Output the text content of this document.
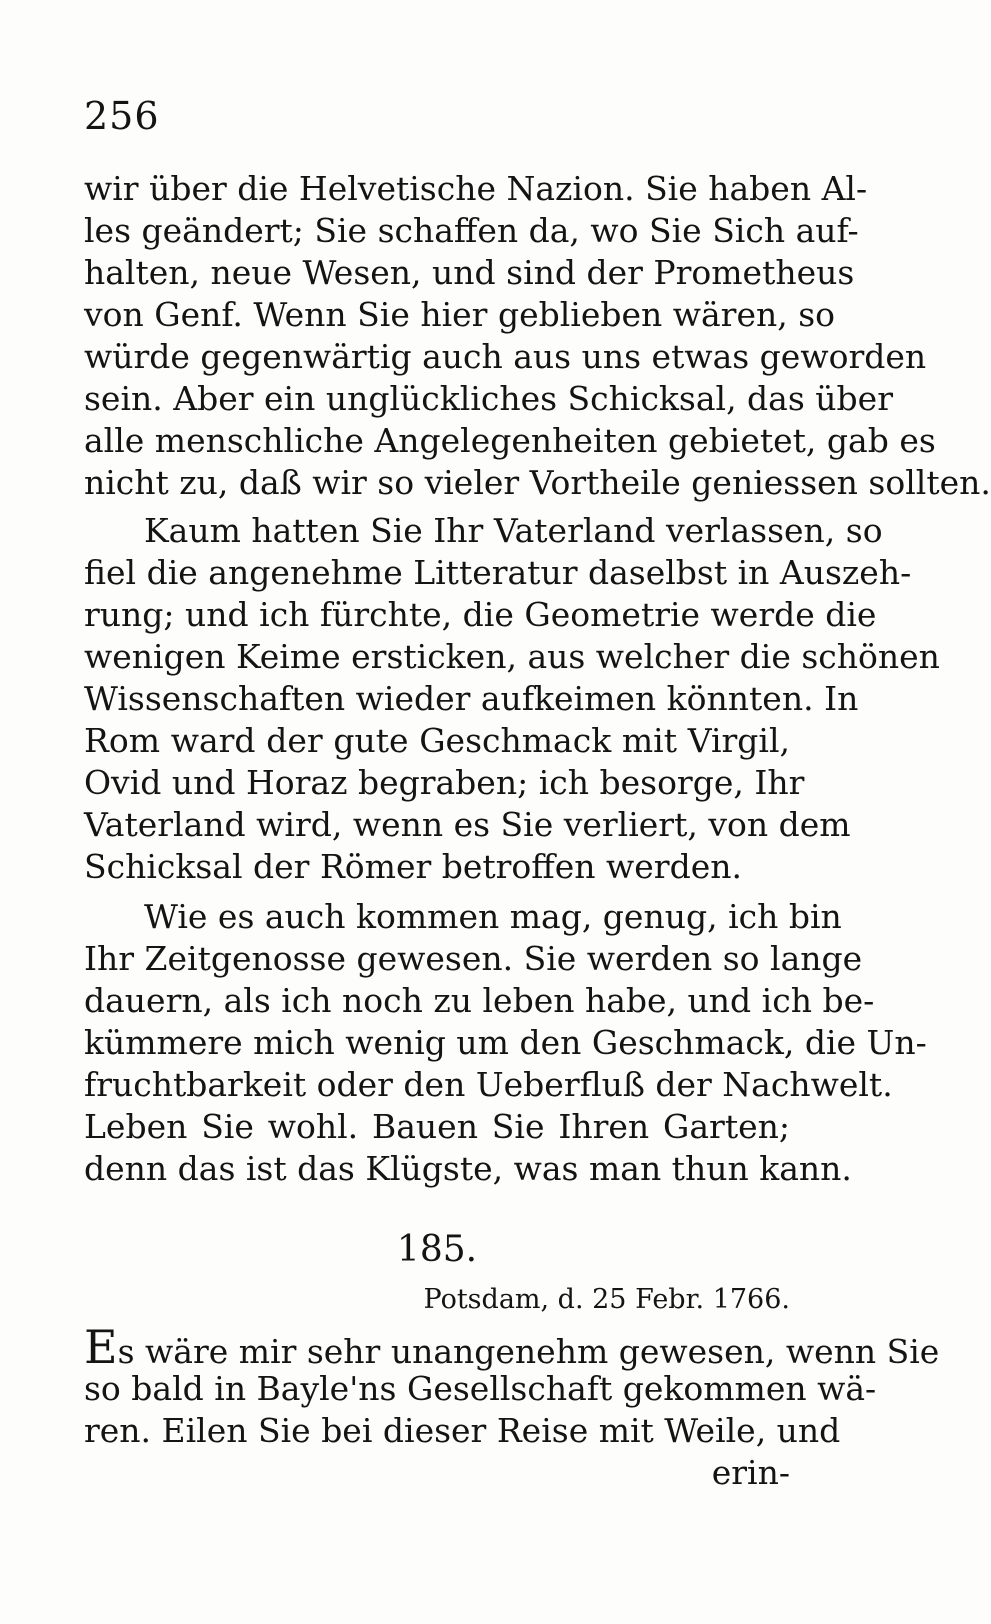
256
wir über die Helvetische Nazion. Sie haben Al-
les geändert; Sie schaffen da, wo Sie Sich auf-
halten, neue Wesen, und sind der Prometheus
von Genf. Wenn Sie hier geblieben wären, so
würde gegenwärtig auch aus uns etwas geworden
sein. Aber ein unglückliches Schicksal, das über
alle menschliche Angelegenheiten gebietet, gab es
nicht zu, daß wir so vieler Vortheile geniessen sollten.
Kaum hatten Sie Ihr Vaterland verlassen, so
fiel die angenehme Litteratur daselbst in Auszeh-
rung; und ich fürchte, die Geometrie werde die
wenigen Keime ersticken, aus welcher die schönen
Wissenschaften wieder aufkeimen könnten. In
Rom ward der gute Geschmack mit Virgil,
Ovid und Horaz begraben; ich besorge, Ihr
Vaterland wird, wenn es Sie verliert, von dem
Schicksal der Römer betroffen werden.
Wie es auch kommen mag, genug, ich bin
Ihr Zeitgenosse gewesen. Sie werden so lange
dauern, als ich noch zu leben habe, und ich be-
kümmere mich wenig um den Geschmack, die Un-
fruchtbarkeit oder den Ueberfluß der Nachwelt.
Leben Sie wohl. Bauen Sie Ihren Garten;
denn das ist das Klügste, was man thun kann.
185.
Potsdam, d. 25 Febr. 1766.
Es wäre mir sehr unangenehm gewesen, wenn Sie
so bald in Bayle'ns Gesellschaft gekommen wä-
ren. Eilen Sie bei dieser Reise mit Weile, und
erin-
